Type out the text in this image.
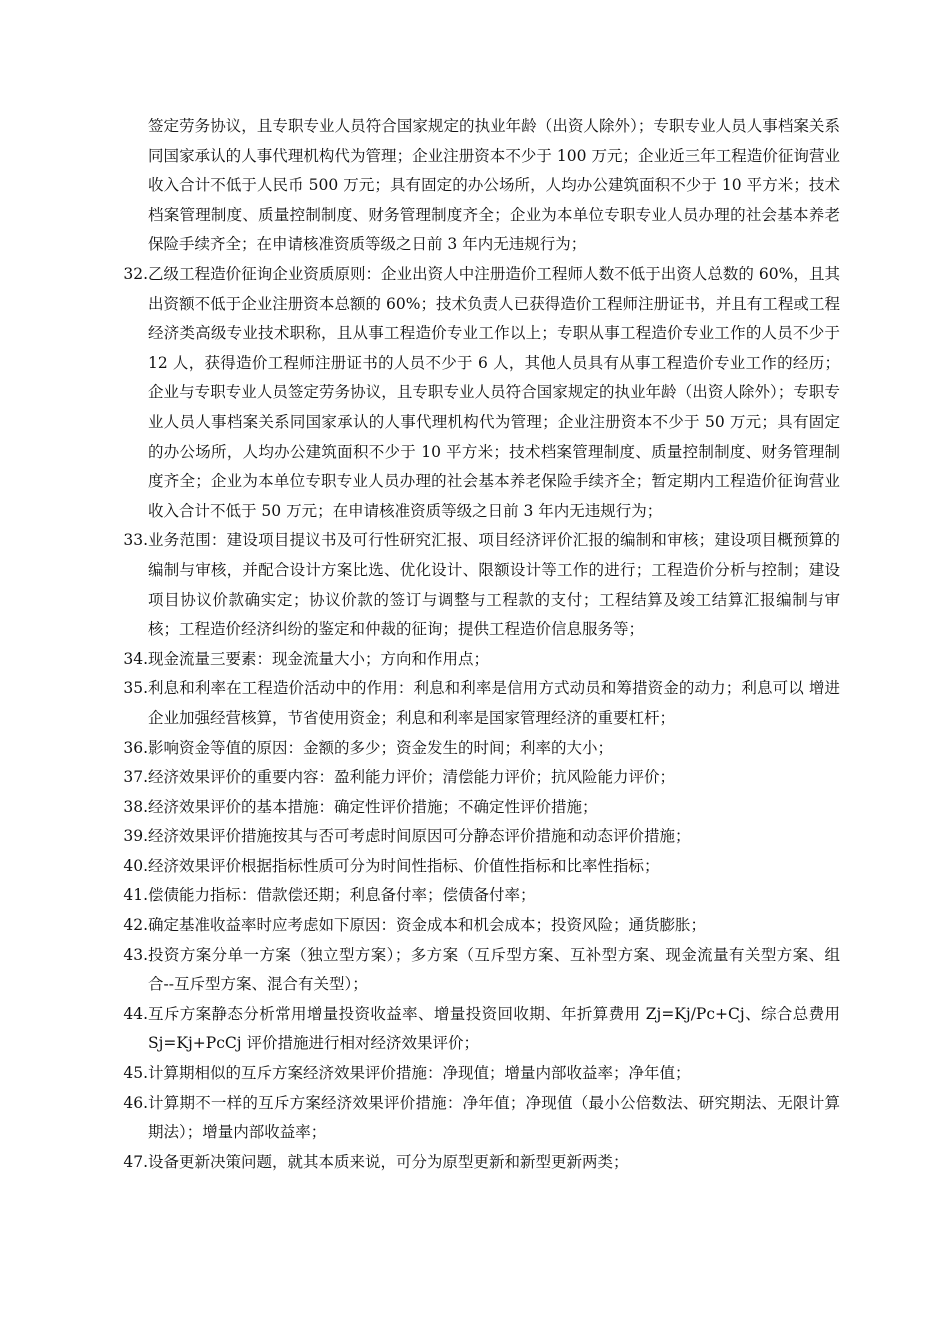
签定劳务协议，且专职专业人员符合国家规定的执业年龄（出资人除外）；专职专业人员人事档案关系同国家承认的人事代理机构代为管理；企业注册资本不少于 100 万元；企业近三年工程造价征询营业收入合计不低于人民币 500 万元；具有固定的办公场所，人均办公建筑面积不少于 10 平方米；技术档案管理制度、质量控制制度、财务管理制度齐全；企业为本单位专职专业人员办理的社会基本养老保险手续齐全；在申请核准资质等级之日前 3 年内无违规行为；

32. 乙级工程造价征询企业资质原则：企业出资人中注册造价工程师人数不低于出资人总数的 60%，且其出资额不低于企业注册资本总额的 60%；技术负责人已获得造价工程师注册证书，并且有工程或工程经济类高级专业技术职称，且从事工程造价专业工作以上；专职从事工程造价专业工作的人员不少于 12 人，获得造价工程师注册证书的人员不少于 6 人，其他人员具有从事工程造价专业工作的经历；企业与专职专业人员签定劳务协议，且专职专业人员符合国家规定的执业年龄（出资人除外）；专职专业人员人事档案关系同国家承认的人事代理机构代为管理；企业注册资本不少于 50 万元；具有固定的办公场所，人均办公建筑面积不少于 10 平方米；技术档案管理制度、质量控制制度、财务管理制度齐全；企业为本单位专职专业人员办理的社会基本养老保险手续齐全；暂定期内工程造价征询营业收入合计不低于 50 万元；在申请核准资质等级之日前 3 年内无违规行为；
33. 业务范围：建设项目提议书及可行性研究汇报、项目经济评价汇报的编制和审核；建设项目概预算的编制与审核，并配合设计方案比选、优化设计、限额设计等工作的进行；工程造价分析与控制；建设项目协议价款确实定；协议价款的签订与调整与工程款的支付；工程结算及竣工结算汇报编制与审核；工程造价经济纠纷的鉴定和仲裁的征询；提供工程造价信息服务等；
34. 现金流量三要素：现金流量大小；方向和作用点；
35. 利息和利率在工程造价活动中的作用：利息和利率是信用方式动员和筹措资金的动力；利息可以 增进企业加强经营核算，节省使用资金；利息和利率是国家管理经济的重要杠杆；
36. 影响资金等值的原因：金额的多少；资金发生的时间；利率的大小；
37. 经济效果评价的重要内容：盈利能力评价；清偿能力评价；抗风险能力评价；
38. 经济效果评价的基本措施：确定性评价措施；不确定性评价措施；
39. 经济效果评价措施按其与否可考虑时间原因可分静态评价措施和动态评价措施；
40. 经济效果评价根据指标性质可分为时间性指标、价值性指标和比率性指标；
41. 偿债能力指标：借款偿还期；利息备付率；偿债备付率；
42. 确定基准收益率时应考虑如下原因：资金成本和机会成本；投资风险；通货膨胀；
43. 投资方案分单一方案（独立型方案）；多方案（互斥型方案、互补型方案、现金流量有关型方案、组合--互斥型方案、混合有关型）；
44. 互斥方案静态分析常用增量投资收益率、增量投资回收期、年折算费用 Zj=Kj/Pc+Cj、综合总费用 Sj=Kj+PcCj 评价措施进行相对经济效果评价；
45. 计算期相似的互斥方案经济效果评价措施：净现值；增量内部收益率；净年值；
46. 计算期不一样的互斥方案经济效果评价措施：净年值；净现值（最小公倍数法、研究期法、无限计算期法）；增量内部收益率；
47. 设备更新决策问题，就其本质来说，可分为原型更新和新型更新两类；
